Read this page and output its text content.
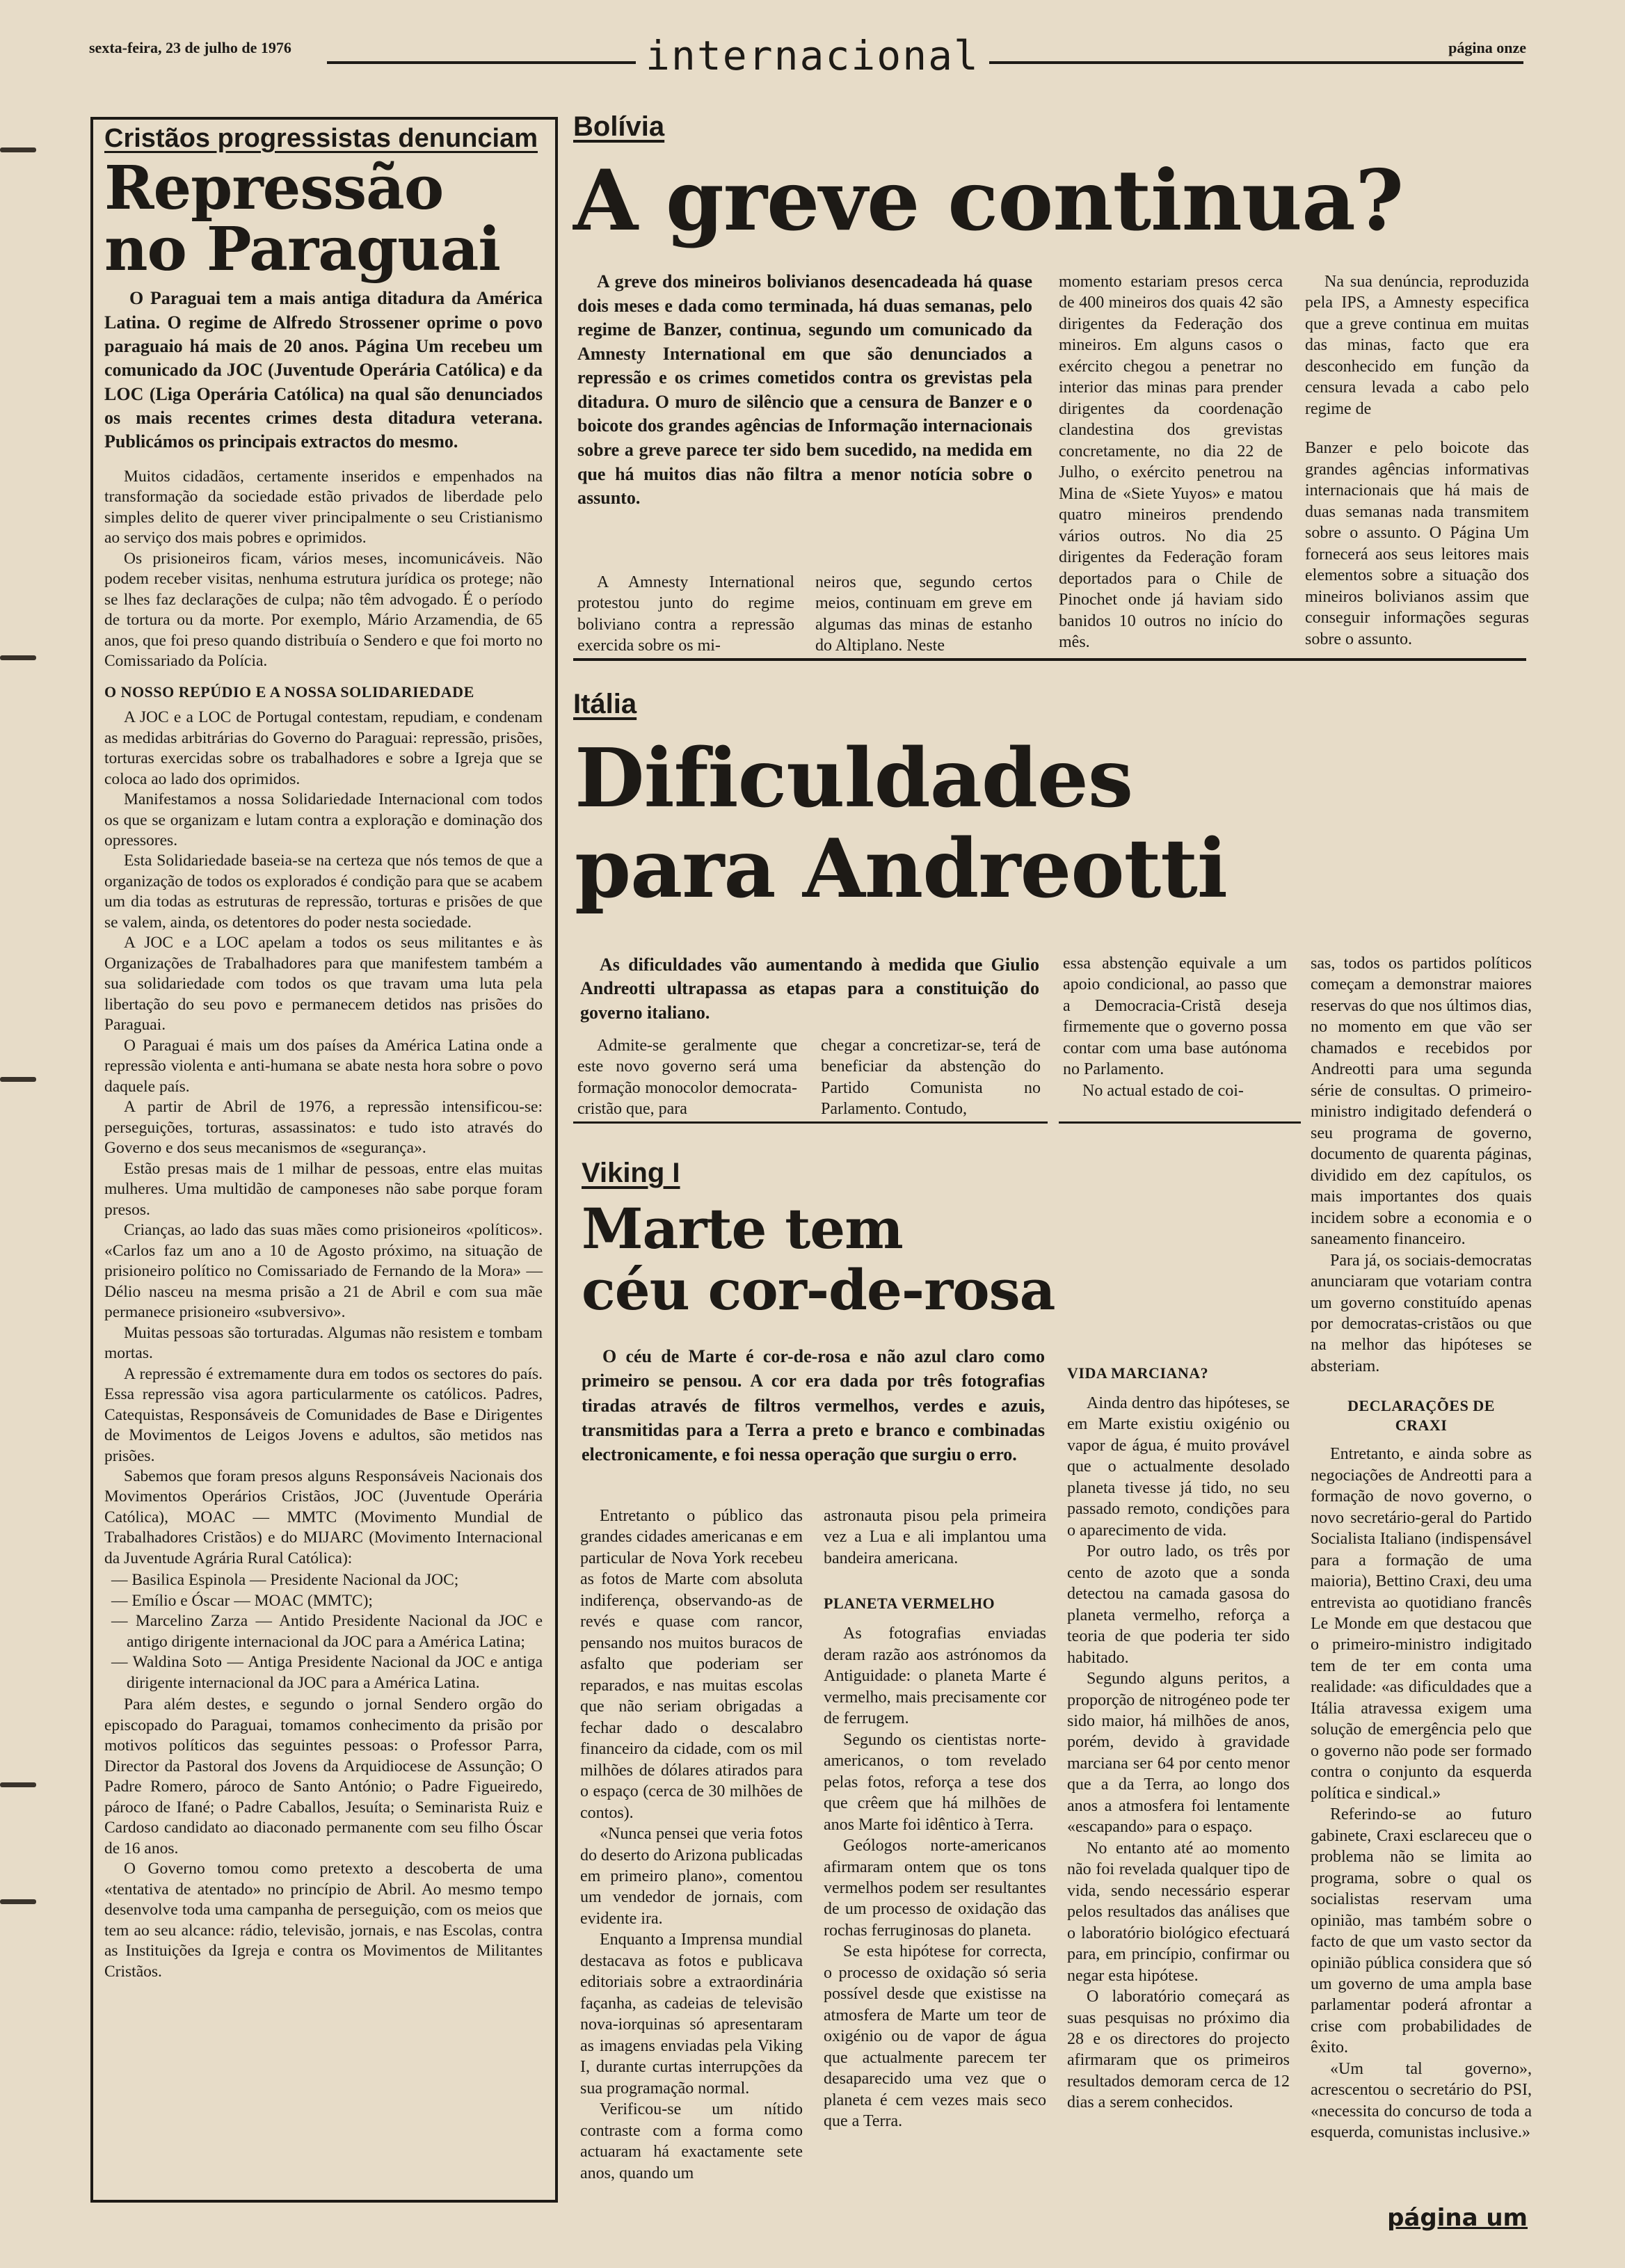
sexta-feira, 23 de julho de 1976	internacional	página onze
Cristãos progressistas denunciam
Repressão
no Paraguai
O Paraguai tem a mais antiga ditadura da América Latina. O regime de Alfredo Strossener oprime o povo paraguaio há mais de 20 anos. Página Um recebeu um comunicado da JOC (Juventude Operária Católica) e da LOC (Liga Operária Católica) na qual são denunciados os mais recentes crimes desta ditadura veterana. Publicámos os principais extractos do mesmo.

Muitos cidadãos, certamente inseridos e empenhados na transformação da sociedade estão privados de liberdade pelo simples delito de querer viver principalmente o seu Cristianismo ao serviço dos mais pobres e oprimidos.

Os prisioneiros ficam, vários meses, incomunicáveis. Não podem receber visitas, nenhuma estrutura jurídica os protege; não se lhes faz declarações de culpa; não têm advogado. É o período de tortura ou da morte. Por exemplo, Mário Arzamendia, de 65 anos, que foi preso quando distribuía o Sendero e que foi morto no Comissariado da Polícia.

O NOSSO REPÚDIO E A NOSSA SOLIDARIEDADE

A JOC e a LOC de Portugal contestam, repudiam, e condenam as medidas arbitrárias do Governo do Paraguai: repressão, prisões, torturas exercidas sobre os trabalhadores e sobre a Igreja que se coloca ao lado dos oprimidos.

Manifestamos a nossa Solidariedade Internacional com todos os que se organizam e lutam contra a exploração e dominação dos opressores.

Esta Solidariedade baseia-se na certeza que nós temos de que a organização de todos os explorados é condição para que se acabem um dia todas as estruturas de repressão, torturas e prisões de que se valem, ainda, os detentores do poder nesta sociedade.

A JOC e a LOC apelam a todos os seus militantes e às Organizações de Trabalhadores para que manifestem também a sua solidariedade com todos os que travam uma luta pela libertação do seu povo e permanecem detidos nas prisões do Paraguai.

O Paraguai é mais um dos países da América Latina onde a repressão violenta e anti-humana se abate nesta hora sobre o povo daquele país.

A partir de Abril de 1976, a repressão intensificou-se: perseguições, torturas, assassinatos: e tudo isto através do Governo e dos seus mecanismos de «segurança».

Estão presas mais de 1 milhar de pessoas, entre elas muitas mulheres. Uma multidão de camponeses não sabe porque foram presos.

Crianças, ao lado das suas mães como prisioneiros «políticos». «Carlos faz um ano a 10 de Agosto próximo, na situação de prisioneiro político no Comissariado de Fernando de la Mora» — Délio nasceu na mesma prisão a 21 de Abril e com sua mãe permanece prisioneiro «subversivo».

Muitas pessoas são torturadas. Algumas não resistem e tombam mortas.

A repressão é extremamente dura em todos os sectores do país. Essa repressão visa agora particularmente os católicos. Padres, Catequistas, Responsáveis de Comunidades de Base e Dirigentes de Movimentos de Leigos Jovens e adultos, são metidos nas prisões.

Sabemos que foram presos alguns Responsáveis Nacionais dos Movimentos Operários Cristãos, JOC (Juventude Operária Católica), MOAC — MMTC (Movimento Mundial de Trabalhadores Cristãos) e do MIJARC (Movimento Internacional da Juventude Agrária Rural Católica):

— Basilica Espinola — Presidente Nacional da JOC;
— Emílio e Óscar — MOAC (MMTC);
— Marcelino Zarza — Antido Presidente Nacional da JOC e antigo dirigente internacional da JOC para a América Latina;
— Waldina Soto — Antiga Presidente Nacional da JOC e antiga dirigente internacional da JOC para a América Latina.

Para além destes, e segundo o jornal Sendero orgão do episcopado do Paraguai, tomamos conhecimento da prisão por motivos políticos das seguintes pessoas: o Professor Parra, Director da Pastoral dos Jovens da Arquidiocese de Assunção; O Padre Romero, pároco de Santo António; o Padre Figueiredo, pároco de Ifané; o Padre Caballos, Jesuíta; o Seminarista Ruiz e Cardoso candidato ao diaconado permanente com seu filho Óscar de 16 anos.

O Governo tomou como pretexto a descoberta de uma «tentativa de atentado» no princípio de Abril. Ao mesmo tempo desenvolve toda uma campanha de perseguição, com os meios que tem ao seu alcance: rádio, televisão, jornais, e nas Escolas, contra as Instituições da Igreja e contra os Movimentos de Militantes Cristãos.

Bolívia
A greve continua?
A greve dos mineiros bolivianos desencadeada há quase dois meses e dada como terminada, há duas semanas, pelo regime de Banzer, continua, segundo um comunicado da Amnesty International em que são denunciados a repressão e os crimes cometidos contra os grevistas pela ditadura. O muro de silêncio que a censura de Banzer e o boicote dos grandes agências de Informação internacionais sobre a greve parece ter sido bem sucedido, na medida em que há muitos dias não filtra a menor notícia sobre o assunto.

A Amnesty International protestou junto do regime boliviano contra a repressão exercida sobre os mi-

neiros que, segundo certos meios, continuam em greve em algumas das minas de estanho do Altiplano. Neste

momento estariam presos cerca de 400 mineiros dos quais 42 são dirigentes da Federação dos mineiros. Em alguns casos o exército chegou a penetrar no interior das minas para prender dirigentes da coordenação clandestina dos grevistas concretamente, no dia 22 de Julho, o exército penetrou na Mina de «Siete Yuyos» e matou quatro mineiros prendendo vários outros. No dia 25 dirigentes da Federação foram deportados para o Chile de Pinochet onde já haviam sido banidos 10 outros no início do mês.

Na sua denúncia, reproduzida pela IPS, a Amnesty especifica que a greve continua em muitas das minas, facto que era desconhecido em função da censura levada a cabo pelo regime de

Banzer e pelo boicote das grandes agências informativas internacionais que há mais de duas semanas nada transmitem sobre o assunto. O Página Um fornecerá aos seus leitores mais elementos sobre a situação dos mineiros bolivianos assim que conseguir informações seguras sobre o assunto.

Itália
Dificuldades
para Andreotti
As dificuldades vão aumentando à medida que Giulio Andreotti ultrapassa as etapas para a constituição do governo italiano.

Admite-se geralmente que este novo governo será uma formação monocolor democrata-cristão que, para

chegar a concretizar-se, terá de beneficiar da abstenção do Partido Comunista no Parlamento. Contudo,

essa abstenção equivale a um apoio condicional, ao passo que a Democracia-Cristã deseja firmemente que o governo possa contar com uma base autónoma no Parlamento.

No actual estado de coi-

sas, todos os partidos políticos começam a demonstrar maiores reservas do que nos últimos dias, no momento em que vão ser chamados e recebidos por Andreotti para uma segunda série de consultas. O primeiro-ministro indigitado defenderá o seu programa de governo, documento de quarenta páginas, dividido em dez capítulos, os mais importantes dos quais incidem sobre a economia e o saneamento financeiro.

Para já, os sociais-democratas anunciaram que votariam contra um governo constituído apenas por democratas-cristãos ou que na melhor das hipóteses se absteriam.

DECLARAÇÕES DE CRAXI

Entretanto, e ainda sobre as negociações de Andreotti para a formação de novo governo, o novo secretário-geral do Partido Socialista Italiano (indispensável para a formação de uma maioria), Bettino Craxi, deu uma entrevista ao quotidiano francês Le Monde em que destacou que o primeiro-ministro indigitado tem de ter em conta uma realidade: «as dificuldades que a Itália atravessa exigem uma solução de emergência pelo que o governo não pode ser formado contra o conjunto da esquerda política e sindical.»

Referindo-se ao futuro gabinete, Craxi esclareceu que o problema não se limita ao programa, sobre o qual os socialistas reservam uma opinião, mas também sobre o facto de que um vasto sector da opinião pública considera que só um governo de uma ampla base parlamentar poderá afrontar a crise com probabilidades de êxito.

«Um tal governo», acrescentou o secretário do PSI, «necessita do concurso de toda a esquerda, comunistas inclusive.»

Viking I
Marte tem
céu cor-de-rosa
O céu de Marte é cor-de-rosa e não azul claro como primeiro se pensou. A cor era dada por três fotografias tiradas através de filtros vermelhos, verdes e azuis, transmitidas para a Terra a preto e branco e combinadas electronicamente, e foi nessa operação que surgiu o erro.

Entretanto o público das grandes cidades americanas e em particular de Nova York recebeu as fotos de Marte com absoluta indiferença, observando-as de revés e quase com rancor, pensando nos muitos buracos de asfalto que poderiam ser reparados, e nas muitas escolas que não seriam obrigadas a fechar dado o descalabro financeiro da cidade, com os mil milhões de dólares atirados para o espaço (cerca de 30 milhões de contos).

«Nunca pensei que veria fotos do deserto do Arizona publicadas em primeiro plano», comentou um vendedor de jornais, com evidente ira.

Enquanto a Imprensa mundial destacava as fotos e publicava editoriais sobre a extraordinária façanha, as cadeias de televisão nova-iorquinas só apresentaram as imagens enviadas pela Viking I, durante curtas interrupções da sua programação normal.

Verificou-se um nítido contraste com a forma como actuaram há exactamente sete anos, quando um

astronauta pisou pela primeira vez a Lua e ali implantou uma bandeira americana.

PLANETA VERMELHO

As fotografias enviadas deram razão aos astrónomos da Antiguidade: o planeta Marte é vermelho, mais precisamente cor de ferrugem.

Segundo os cientistas norte-americanos, o tom revelado pelas fotos, reforça a tese dos que crêem que há milhões de anos Marte foi idêntico à Terra.

Geólogos norte-americanos afirmaram ontem que os tons vermelhos podem ser resultantes de um processo de oxidação das rochas ferruginosas do planeta.

Se esta hipótese for correcta, o processo de oxidação só seria possível desde que existisse na atmosfera de Marte um teor de oxigénio ou de vapor de água que actualmente parecem ter desaparecido uma vez que o planeta é cem vezes mais seco que a Terra.

VIDA MARCIANA?

Ainda dentro das hipóteses, se em Marte existiu oxigénio ou vapor de água, é muito provável que o actualmente desolado planeta tivesse já tido, no seu passado remoto, condições para o aparecimento de vida.

Por outro lado, os três por cento de azoto que a sonda detectou na camada gasosa do planeta vermelho, reforça a teoria de que poderia ter sido habitado.

Segundo alguns peritos, a proporção de nitrogéneo pode ter sido maior, há milhões de anos, porém, devido à gravidade marciana ser 64 por cento menor que a da Terra, ao longo dos anos a atmosfera foi lentamente «escapando» para o espaço.

No entanto até ao momento não foi revelada qualquer tipo de vida, sendo necessário esperar pelos resultados das análises que o laboratório biológico efectuará para, em princípio, confirmar ou negar esta hipótese.

O laboratório começará as suas pesquisas no próximo dia 28 e os directores do projecto afirmaram que os primeiros resultados demoram cerca de 12 dias a serem conhecidos.

página um
